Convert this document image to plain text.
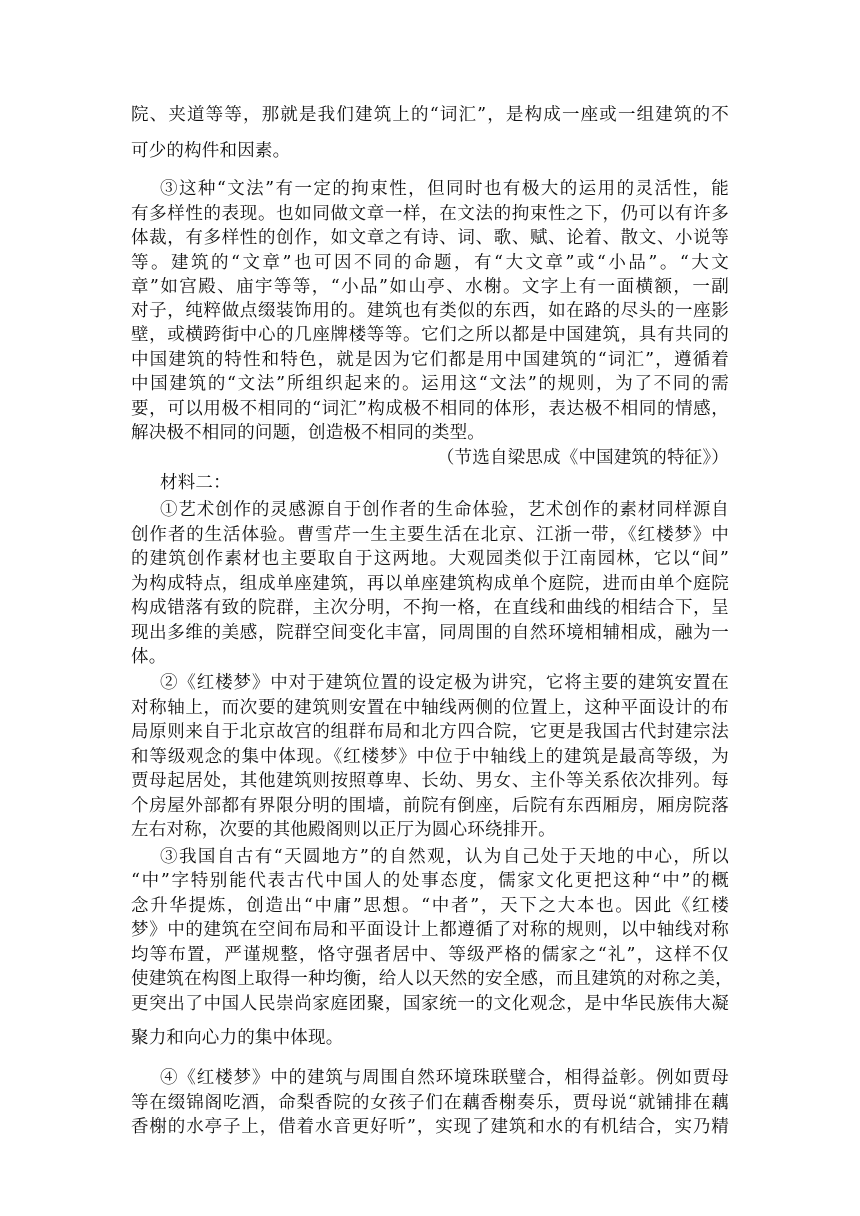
院、夹道等等，那就是我们建筑上的“词汇”，是构成一座或一组建筑的不
可少的构件和因素。
③这种“文法”有一定的拘束性，但同时也有极大的运用的灵活性，能
有多样性的表现。也如同做文章一样，在文法的拘束性之下，仍可以有许多
体裁，有多样性的创作，如文章之有诗、词、歌、赋、论着、散文、小说等
等。建筑的“文章”也可因不同的命题，有“大文章”或“小品”。“大文
章”如宫殿、庙宇等等，“小品”如山亭、水榭。文字上有一面横额，一副
对子，纯粹做点缀装饰用的。建筑也有类似的东西，如在路的尽头的一座影
壁，或横跨街中心的几座牌楼等等。它们之所以都是中国建筑，具有共同的
中国建筑的特性和特色，就是因为它们都是用中国建筑的“词汇”，遵循着
中国建筑的“文法”所组织起来的。运用这“文法”的规则，为了不同的需
要，可以用极不相同的“词汇”构成极不相同的体形，表达极不相同的情感，
解决极不相同的问题，创造极不相同的类型。
（节选自梁思成《中国建筑的特征》）
材料二：
①艺术创作的灵感源自于创作者的生命体验，艺术创作的素材同样源自
创作者的生活体验。曹雪芹一生主要生活在北京、江浙一带，《红楼梦》中
的建筑创作素材也主要取自于这两地。大观园类似于江南园林，它以“间”
为构成特点，组成单座建筑，再以单座建筑构成单个庭院，进而由单个庭院
构成错落有致的院群，主次分明，不拘一格，在直线和曲线的相结合下，呈
现出多维的美感，院群空间变化丰富，同周围的自然环境相辅相成，融为一
体。
②《红楼梦》中对于建筑位置的设定极为讲究，它将主要的建筑安置在
对称轴上，而次要的建筑则安置在中轴线两侧的位置上，这种平面设计的布
局原则来自于北京故宫的组群布局和北方四合院，它更是我国古代封建宗法
和等级观念的集中体现。《红楼梦》中位于中轴线上的建筑是最高等级，为
贾母起居处，其他建筑则按照尊卑、长幼、男女、主仆等关系依次排列。每
个房屋外部都有界限分明的围墙，前院有倒座，后院有东西厢房，厢房院落
左右对称，次要的其他殿阁则以正厅为圆心环绕排开。
③我国自古有“天圆地方”的自然观，认为自己处于天地的中心，所以
“中”字特别能代表古代中国人的处事态度，儒家文化更把这种“中”的概
念升华提炼，创造出“中庸”思想。“中者”，天下之大本也。因此《红楼
梦》中的建筑在空间布局和平面设计上都遵循了对称的规则，以中轴线对称
均等布置，严谨规整，恪守强者居中、等级严格的儒家之“礼”，这样不仅
使建筑在构图上取得一种均衡，给人以天然的安全感，而且建筑的对称之美，
更突出了中国人民崇尚家庭团聚，国家统一的文化观念，是中华民族伟大凝
聚力和向心力的集中体现。
④《红楼梦》中的建筑与周围自然环境珠联璧合，相得益彰。例如贾母
等在缀锦阁吃酒，命梨香院的女孩子们在藕香榭奏乐，贾母说“就铺排在藕
香榭的水亭子上，借着水音更好听”，实现了建筑和水的有机结合，实乃精
